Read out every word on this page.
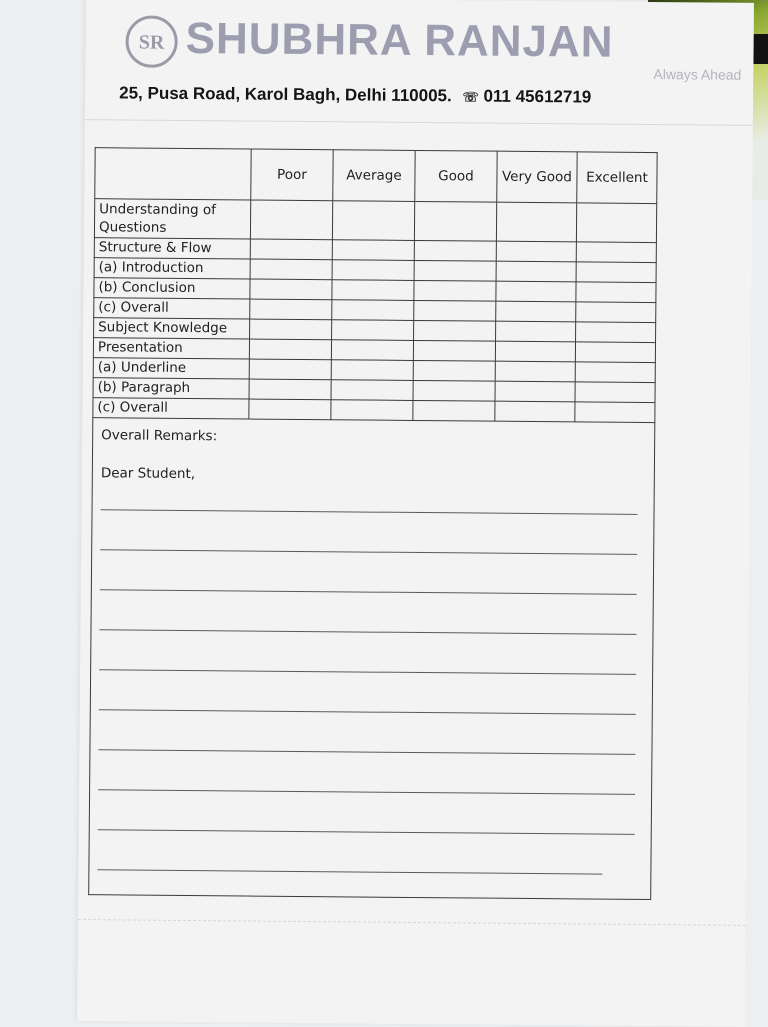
SR SHUBHRA RANJAN
Always Ahead
25, Pusa Road, Karol Bagh, Delhi 110005. ☏ 011 45612719
	Poor	Average	Good	Very Good	Excellent
Understanding of Questions					
Structure & Flow					
(a) Introduction					
(b) Conclusion					
(c) Overall					
Subject Knowledge					
Presentation					
(a) Underline					
(b) Paragraph					
(c) Overall					

Overall Remarks:
Dear Student,					
